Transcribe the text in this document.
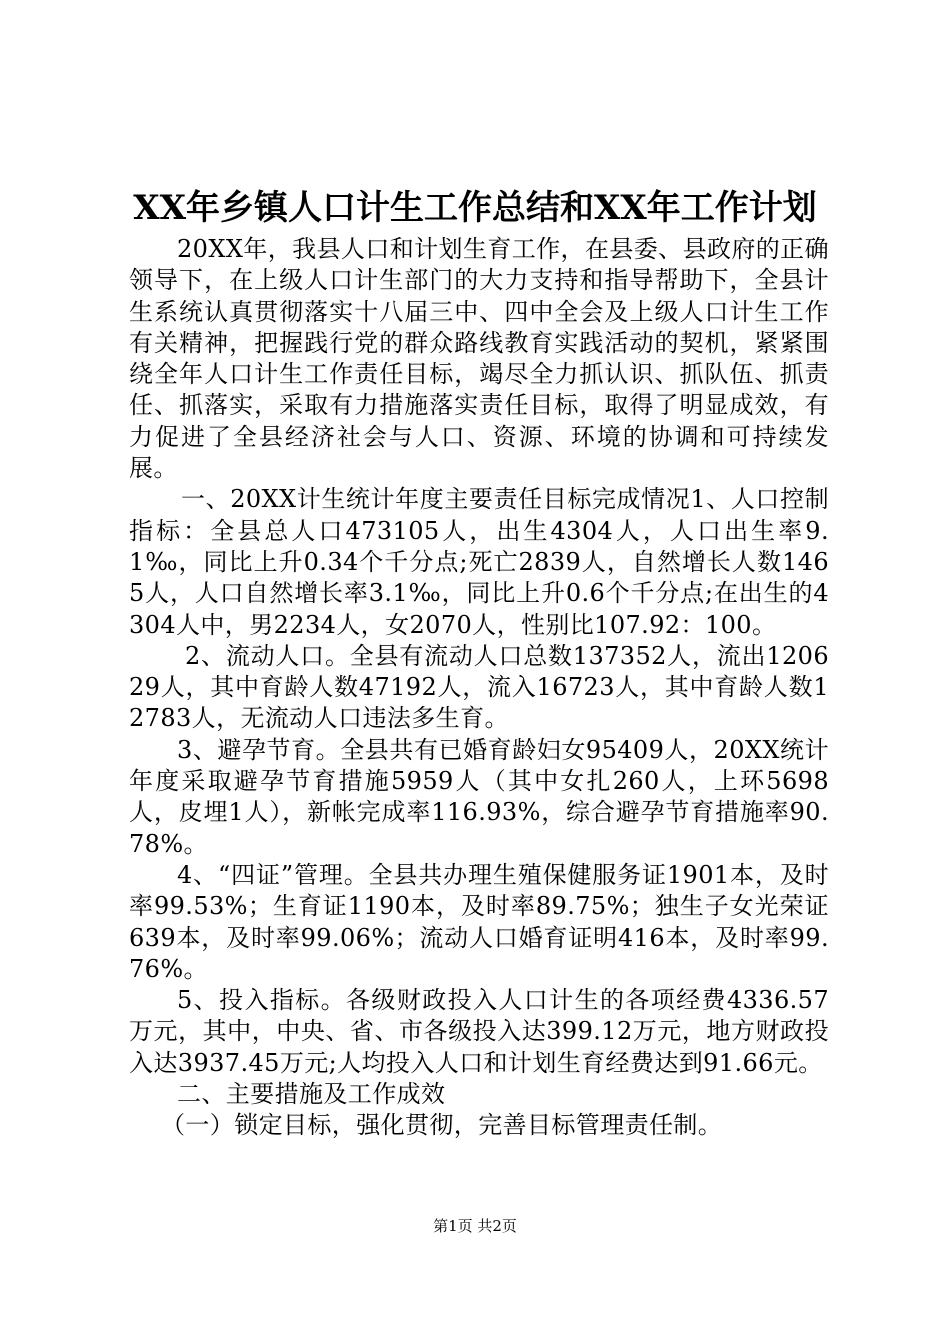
XX年乡镇人口计生工作总结和XX年工作计划

20XX年，我县人口和计划生育工作，在县委、县政府的正确领导下，在上级人口计生部门的大力支持和指导帮助下，全县计生系统认真贯彻落实十八届三中、四中全会及上级人口计生工作有关精神，把握践行党的群众路线教育实践活动的契机，紧紧围绕全年人口计生工作责任目标，竭尽全力抓认识、抓队伍、抓责任、抓落实，采取有力措施落实责任目标，取得了明显成效，有力促进了全县经济社会与人口、资源、环境的协调和可持续发展。

一、20XX计生统计年度主要责任目标完成情况1、人口控制指标：全县总人口473105人，出生4304人，人口出生率9.1‰，同比上升0.34个千分点;死亡2839人，自然增长人数1465人，人口自然增长率3.1‰，同比上升0.6个千分点;在出生的4304人中，男2234人，女2070人，性别比107.92：100。

2、流动人口。全县有流动人口总数137352人，流出120629人，其中育龄人数47192人，流入16723人，其中育龄人数12783人，无流动人口违法多生育。

3、避孕节育。全县共有已婚育龄妇女95409人，20XX统计年度采取避孕节育措施5959人（其中女扎260人，上环5698人，皮埋1人），新帐完成率116.93%，综合避孕节育措施率90.78%。

4、“四证”管理。全县共办理生殖保健服务证1901本，及时率99.53%；生育证1190本，及时率89.75%；独生子女光荣证639本，及时率99.06%；流动人口婚育证明416本，及时率99.76%。

5、投入指标。各级财政投入人口计生的各项经费4336.57万元，其中，中央、省、市各级投入达399.12万元，地方财政投入达3937.45万元;人均投入人口和计划生育经费达到91.66元。

二、主要措施及工作成效

（一）锁定目标，强化贯彻，完善目标管理责任制。

第1页 共2页
